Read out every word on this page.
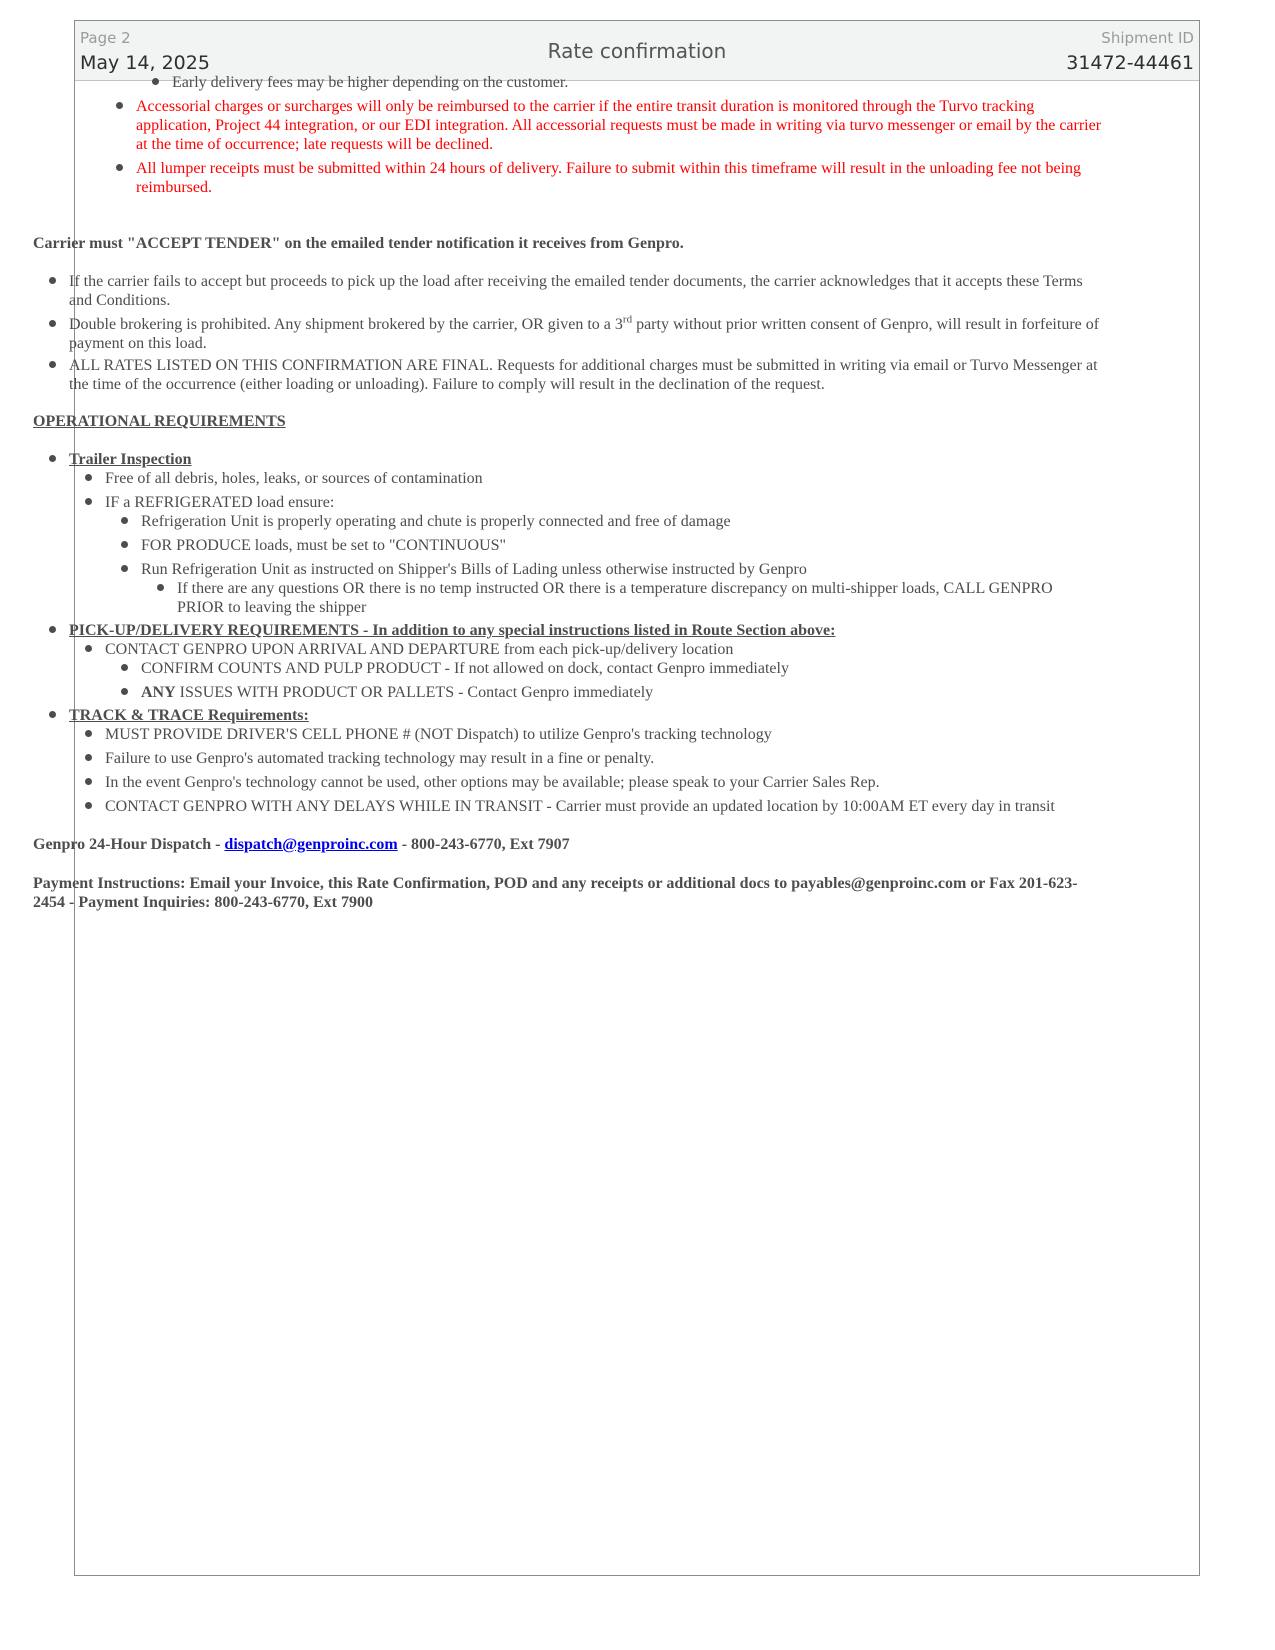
Page 2
May 14, 2025	Rate confirmation
Shipment ID
31472-44461
Early delivery fees may be higher depending on the customer.
Accessorial charges or surcharges will only be reimbursed to the carrier if the entire transit duration is monitored through the Turvo tracking application, Project 44 integration, or our EDI integration. All accessorial requests must be made in writing via turvo messenger or email by the carrier at the time of occurrence; late requests will be declined.
All lumper receipts must be submitted within 24 hours of delivery. Failure to submit within this timeframe will result in the unloading fee not being reimbursed.
Carrier must "ACCEPT TENDER" on the emailed tender notification it receives from Genpro.
If the carrier fails to accept but proceeds to pick up the load after receiving the emailed tender documents, the carrier acknowledges that it accepts these Terms and Conditions.
Double brokering is prohibited. Any shipment brokered by the carrier, OR given to a 3rd party without prior written consent of Genpro, will result in forfeiture of payment on this load.
ALL RATES LISTED ON THIS CONFIRMATION ARE FINAL. Requests for additional charges must be submitted in writing via email or Turvo Messenger at the time of the occurrence (either loading or unloading). Failure to comply will result in the declination of the request.
OPERATIONAL REQUIREMENTS
Trailer Inspection
Free of all debris, holes, leaks, or sources of contamination
IF a REFRIGERATED load ensure:
Refrigeration Unit is properly operating and chute is properly connected and free of damage
FOR PRODUCE loads, must be set to "CONTINUOUS"
Run Refrigeration Unit as instructed on Shipper's Bills of Lading unless otherwise instructed by Genpro
If there are any questions OR there is no temp instructed OR there is a temperature discrepancy on multi-shipper loads, CALL GENPRO PRIOR to leaving the shipper
PICK-UP/DELIVERY REQUIREMENTS - In addition to any special instructions listed in Route Section above:
CONTACT GENPRO UPON ARRIVAL AND DEPARTURE from each pick-up/delivery location
CONFIRM COUNTS AND PULP PRODUCT - If not allowed on dock, contact Genpro immediately
ANY ISSUES WITH PRODUCT OR PALLETS - Contact Genpro immediately
TRACK & TRACE Requirements:
MUST PROVIDE DRIVER'S CELL PHONE # (NOT Dispatch) to utilize Genpro's tracking technology
Failure to use Genpro's automated tracking technology may result in a fine or penalty.
In the event Genpro's technology cannot be used, other options may be available; please speak to your Carrier Sales Rep.
CONTACT GENPRO WITH ANY DELAYS WHILE IN TRANSIT - Carrier must provide an updated location by 10:00AM ET every day in transit
Genpro 24-Hour Dispatch - dispatch@genproinc.com - 800-243-6770, Ext 7907
Payment Instructions: Email your Invoice, this Rate Confirmation, POD and any receipts or additional docs to payables@genproinc.com or Fax 201-623-2454 - Payment Inquiries: 800-243-6770, Ext 7900
